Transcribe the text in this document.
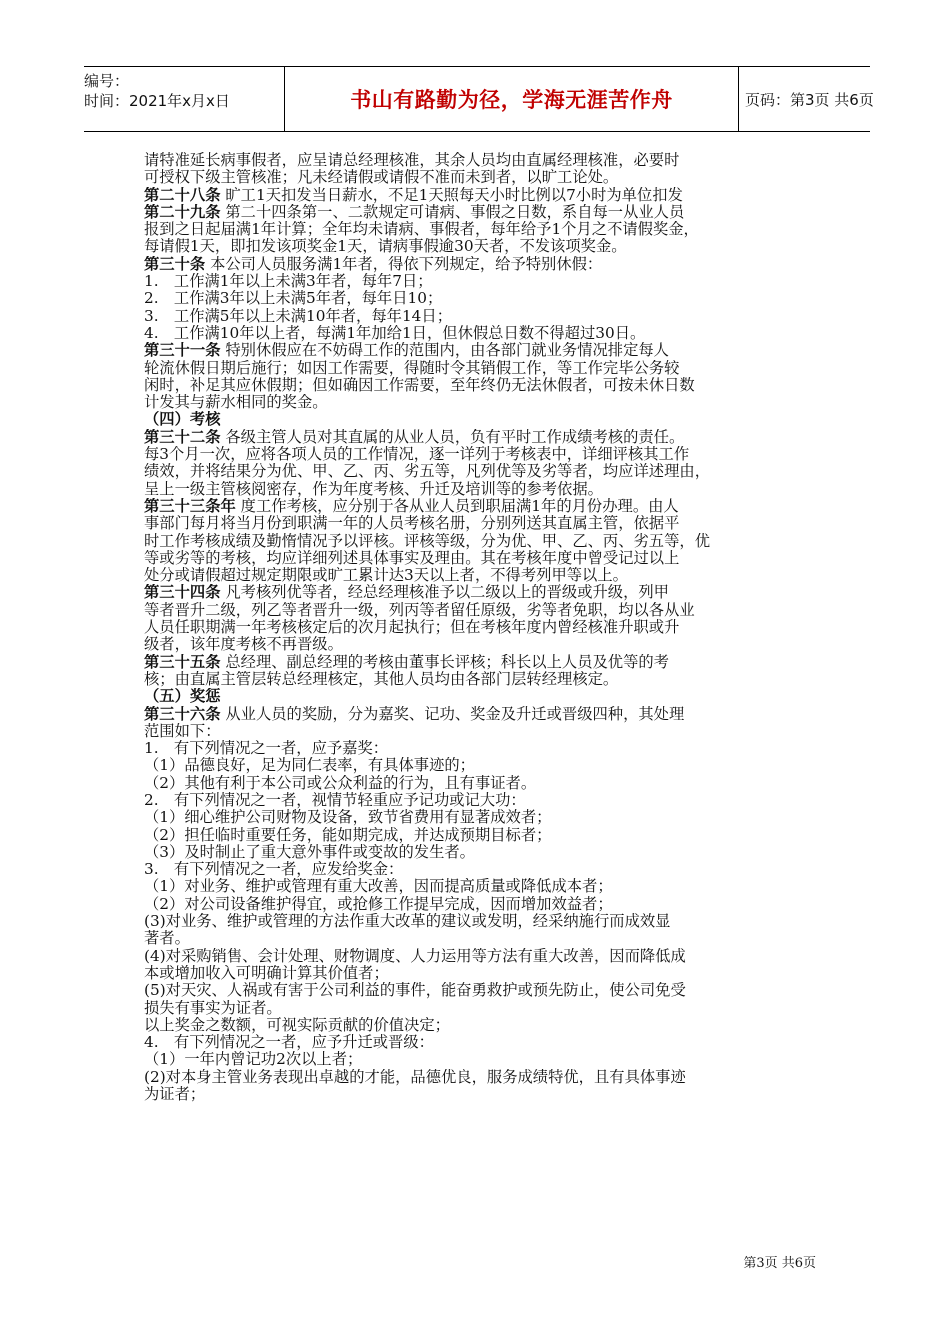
编号：
时间：2021年x月x日	书山有路勤为径，学海无涯苦作舟	页码：第3页 共6页

请特准延长病事假者，应呈请总经理核准，其余人员均由直属经理核准，必要时

可授权下级主管核准；凡未经请假或请假不准而未到者，以旷工论处。

第二十八条 旷工1天扣发当日薪水，不足1天照每天小时比例以7小时为单位扣发

第二十九条 第二十四条第一、二款规定可请病、事假之日数，系自每一从业人员

报到之日起届满1年计算；全年均未请病、事假者，每年给予1个月之不请假奖金，

每请假1天，即扣发该项奖金1天，请病事假逾30天者，不发该项奖金。

第三十条 本公司人员服务满1年者，得依下列规定，给予特别休假：

1.　工作满1年以上未满3年者，每年7日；

2.　工作满3年以上未满5年者，每年日10；

3.　工作满5年以上未满10年者，每年14日；

4.　工作满10年以上者，每满1年加给1日，但休假总日数不得超过30日。

第三十一条 特别休假应在不妨碍工作的范围内，由各部门就业务情况排定每人

轮流休假日期后施行；如因工作需要，得随时令其销假工作，等工作完毕公务较

闲时，补足其应休假期；但如确因工作需要，至年终仍无法休假者，可按未休日数

计发其与薪水相同的奖金。

（四）考核

第三十二条 各级主管人员对其直属的从业人员，负有平时工作成绩考核的责任。

每3个月一次，应将各项人员的工作情况，逐一详列于考核表中，详细评核其工作

绩效，并将结果分为优、甲、乙、丙、劣五等，凡列优等及劣等者，均应详述理由，

呈上一级主管核阅密存，作为年度考核、升迁及培训等的参考依据。

第三十三条年 度工作考核，应分别于各从业人员到职届满1年的月份办理。由人

事部门每月将当月份到职满一年的人员考核名册，分别列送其直属主管，依据平

时工作考核成绩及勤惰情况予以评核。评核等级，分为优、甲、乙、丙、劣五等，优

等或劣等的考核，均应详细列述具体事实及理由。其在考核年度中曾受记过以上

处分或请假超过规定期限或旷工累计达3天以上者，不得考列甲等以上。

第三十四条 凡考核列优等者，经总经理核准予以二级以上的晋级或升级，列甲

等者晋升二级，列乙等者晋升一级，列丙等者留任原级，劣等者免职，均以各从业

人员任职期满一年考核核定后的次月起执行；但在考核年度内曾经核准升职或升

级者，该年度考核不再晋级。

第三十五条 总经理、副总经理的考核由董事长评核；科长以上人员及优等的考

核；由直属主管层转总经理核定，其他人员均由各部门层转经理核定。

（五）奖惩

第三十六条 从业人员的奖励，分为嘉奖、记功、奖金及升迁或晋级四种，其处理

范围如下：

1.　有下列情况之一者，应予嘉奖：

（1）品德良好，足为同仁表率，有具体事迹的；

（2）其他有利于本公司或公众利益的行为，且有事证者。

2.　有下列情况之一者，视情节轻重应予记功或记大功：

（1）细心维护公司财物及设备，致节省费用有显著成效者；

（2）担任临时重要任务，能如期完成，并达成预期目标者；

（3）及时制止了重大意外事件或变故的发生者。

3.　有下列情况之一者，应发给奖金：

（1）对业务、维护或管理有重大改善，因而提高质量或降低成本者；

（2）对公司设备维护得宜，或抢修工作提早完成，因而增加效益者；

(3)对业务、维护或管理的方法作重大改革的建议或发明，经采纳施行而成效显

著者。

(4)对采购销售、会计处理、财物调度、人力运用等方法有重大改善，因而降低成

本或增加收入可明确计算其价值者；

(5)对天灾、人祸或有害于公司利益的事件，能奋勇救护或预先防止，使公司免受

损失有事实为证者。

以上奖金之数额，可视实际贡献的价值决定；

4.　有下列情况之一者，应予升迁或晋级：

（1）一年内曾记功2次以上者；

(2)对本身主管业务表现出卓越的才能，品德优良，服务成绩特优，且有具体事迹

为证者；

第3页 共6页
